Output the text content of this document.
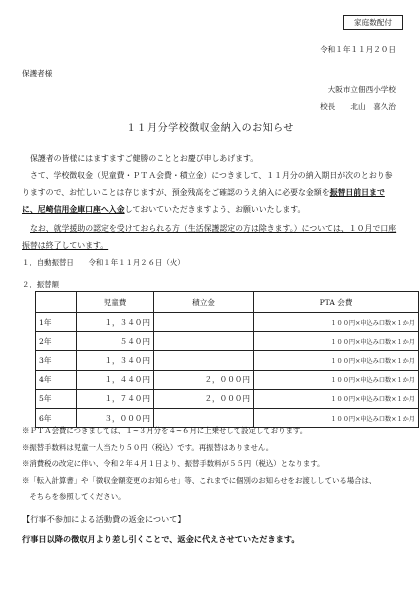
家庭数配付
令和１年１１月２０日
保護者様
大阪市立佃西小学校
校長　　北山　喜久治
１１月分学校徴収金納入のお知らせ
保護者の皆様にはますますご健勝のこととお慶び申しあげます。
さて、学校徴収金（児童費・ＰＴＡ会費・積立金）につきまして、１１月分の納入期日が次のとおり参りますので、お忙しいことは存じますが、預金残高をご確認のうえ納入に必要な金額を振替日前日までに、尼崎信用金庫口座へ入金しておいていただきますよう、お願いいたします。
なお、就学援助の認定を受けておられる方（生活保護認定の方は除きます。）については、１０月で口座振替は終了しています。
１．自動振替日　　令和１年１１月２６日（火）
２．振替額
	児童費	積立金	PTA 会費
1年	１，３４０円		１００円×申込み口数×１か月
2年	５４０円		１００円×申込み口数×１か月
3年	１，３４０円		１００円×申込み口数×１か月
4年	１，４４０円	２，０００円	１００円×申込み口数×１か月
5年	１，７４０円	２，０００円	１００円×申込み口数×１か月
6年	３，０００円		１００円×申込み口数×１か月
※ＰＴＡ会費につきましては、１~３月分を４~６月に上乗せして設定しております。
※振替手数料は児童一人当たり５０円（税込）です。再振替はありません。
※消費税の改定に伴い、令和２年４月１日より、振替手数料が５５円（税込）となります。
※「転入計算書」や「徴収金額変更のお知らせ」等、これまでに個別のお知らせをお渡ししている場合は、
　そちらを参照してください。
【行事不参加による活動費の返金について】
行事日以降の徴収月より差し引くことで、返金に代えさせていただきます。
